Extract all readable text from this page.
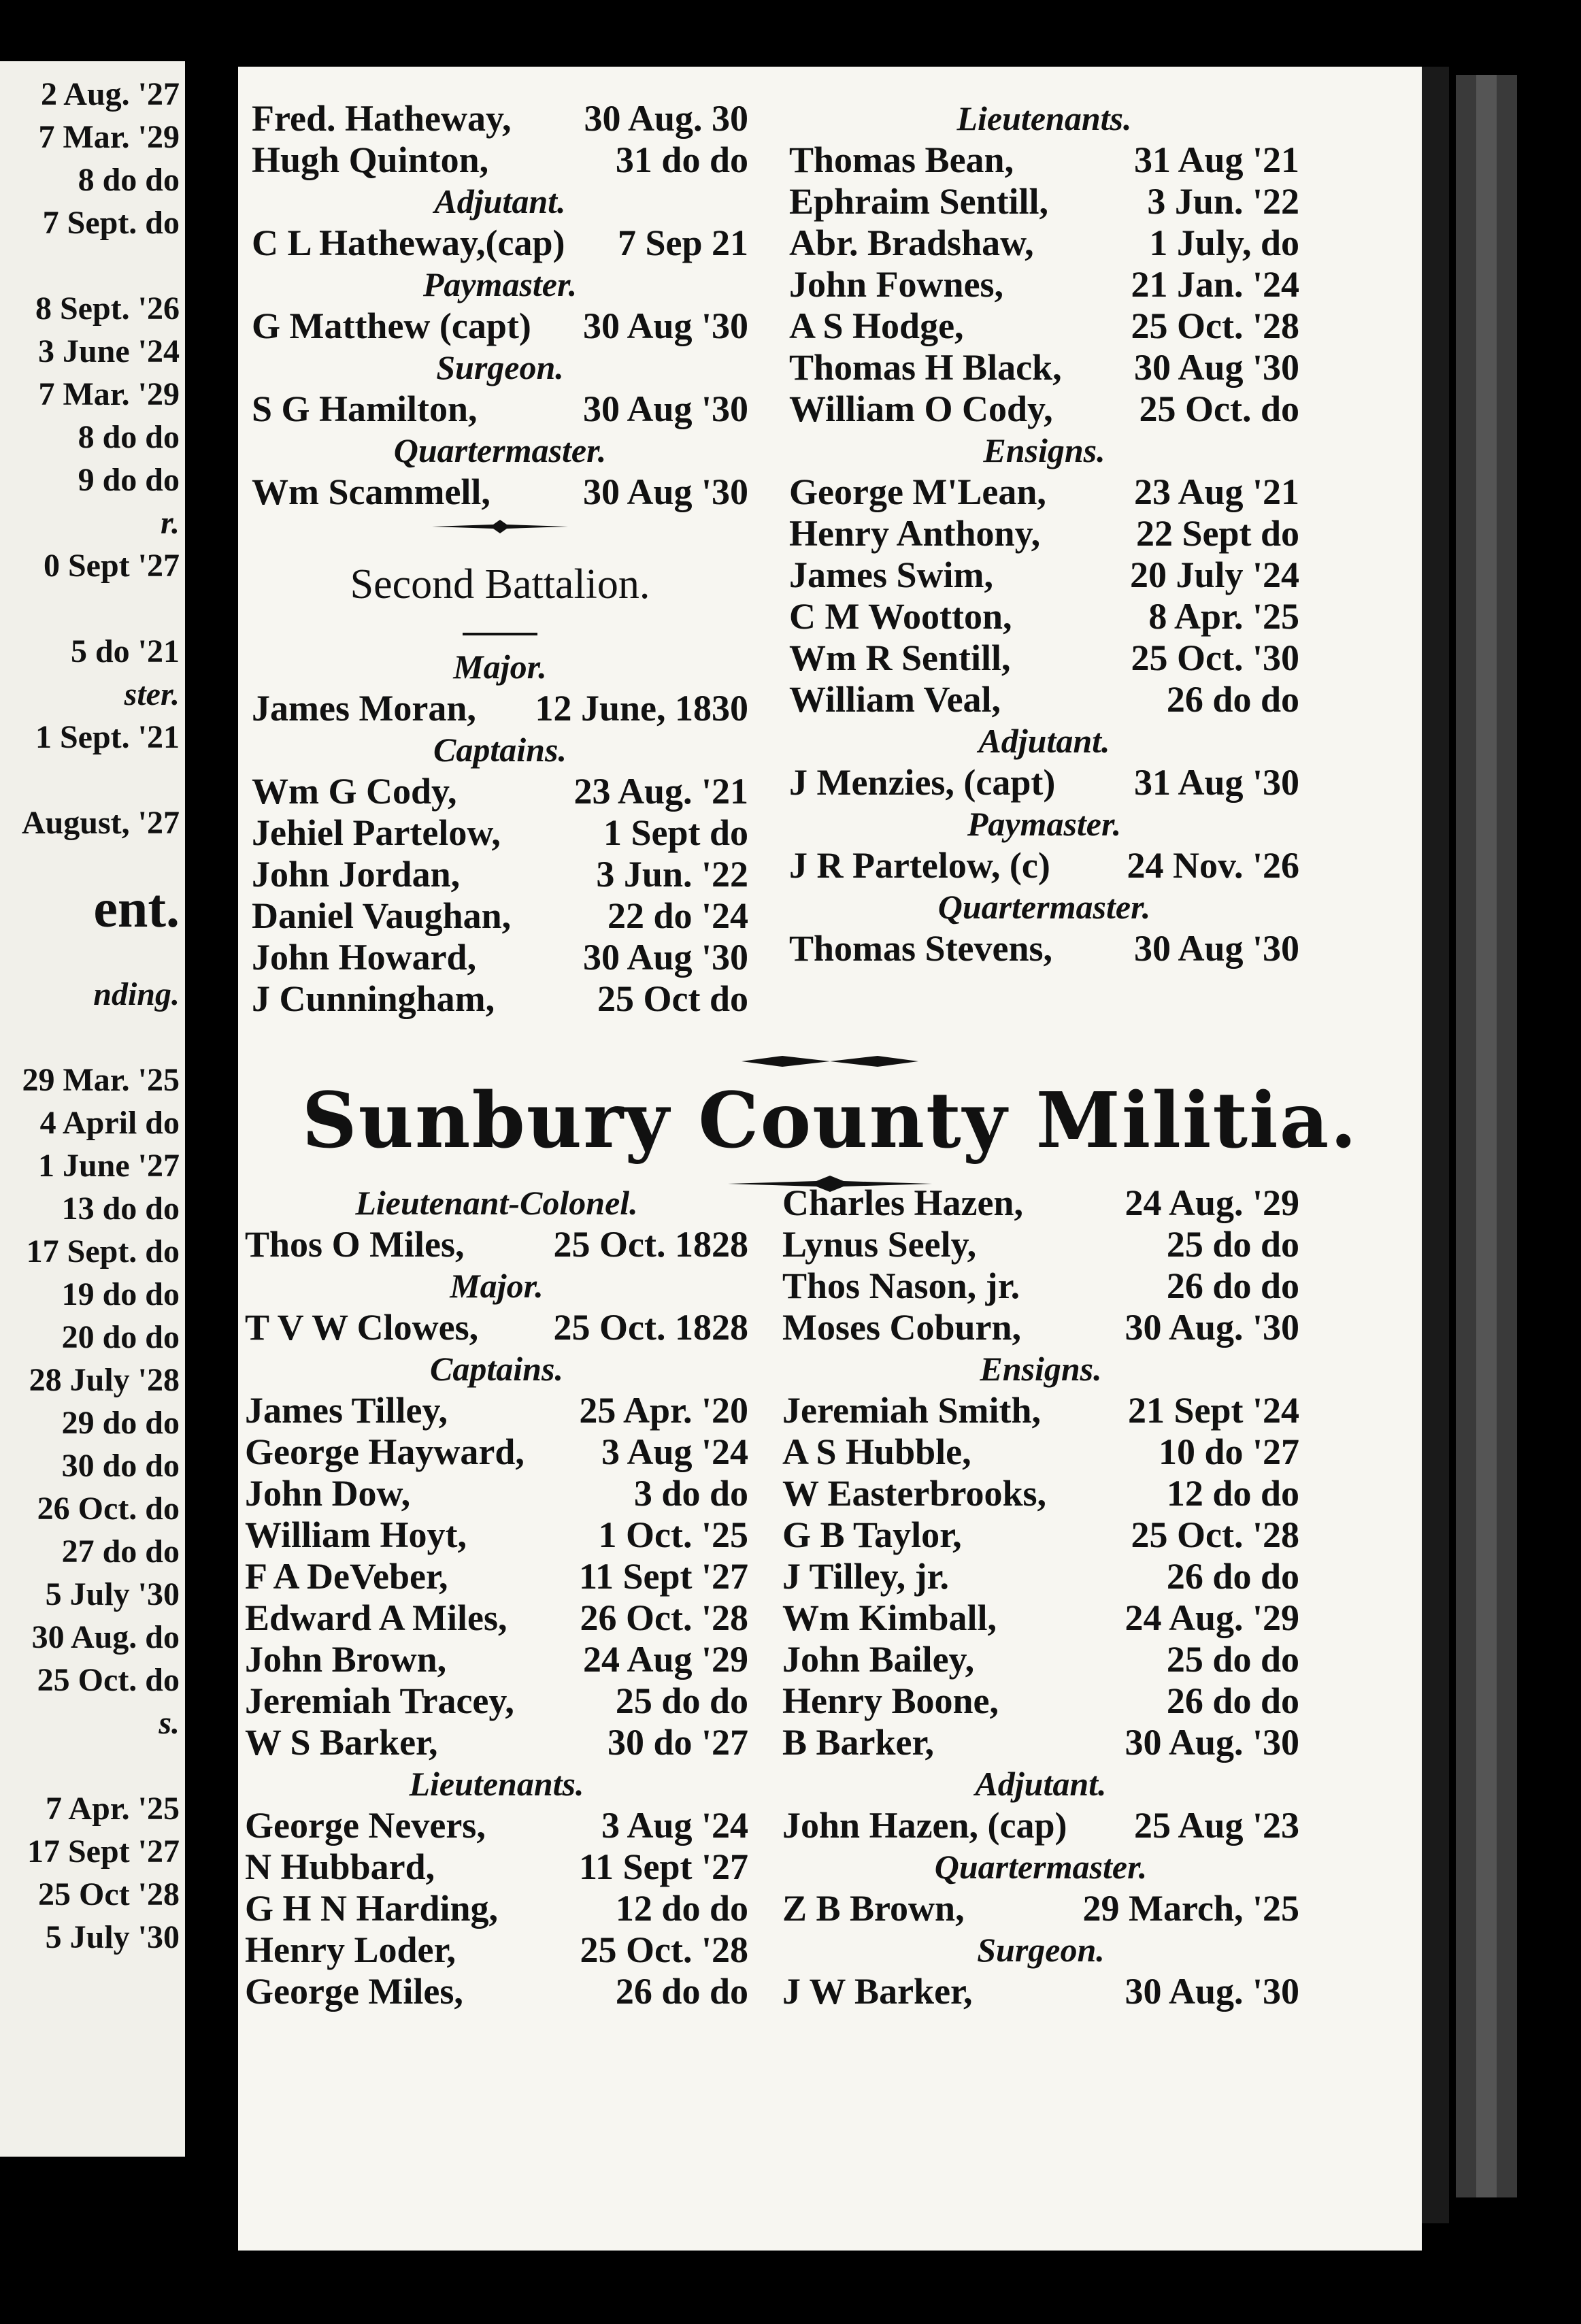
2 Aug. '27
7 Mar. '29
8 do do
7 Sept. do
8 Sept. '26
3 June '24
7 Mar. '29
8 do do
9 do do
r.
0 Sept '27
5 do '21
ster.
1 Sept. '21
August, '27
ent.
nding.
29 Mar. '25
4 April do
1 June '27
13 do do
17 Sept. do
19 do do
20 do do
28 July '28
29 do do
30 do do
26 Oct. do
27 do do
5 July '30
30 Aug. do
25 Oct. do
s.
7 Apr. '25
17 Sept '27
25 Oct '28
5 July '30
Fred. Hatheway, 30 Aug. 30
Hugh Quinton,	31 do do
Adjutant.
C L Hatheway,(cap) 7 Sep 21
Paymaster.
G Matthew (capt) 30 Aug '30
Surgeon.
S G Hamilton,	30 Aug '30
Quartermaster.
Wm Scammell,	30 Aug '30
Second Battalion.
Major.
James Moran, 12 June, 1830
Captains.
Wm G Cody,	23 Aug. '21
Jehiel Partelow,	1 Sept do
John Jordan,	3 Jun. '22
Daniel Vaughan,	22 do '24
John Howard,	30 Aug '30
J Cunningham,	25 Oct do
Lieutenants.
Thomas Bean,	31 Aug '21
Ephraim Sentill,	3 Jun. '22
Abr. Bradshaw,	1 July, do
John Fownes,	21 Jan. '24
A S Hodge,	25 Oct. '28
Thomas H Black, 30 Aug '30
William O Cody, 25 Oct. do
Ensigns.
George M'Lean, 23 Aug '21
Henry Anthony,	22 Sept do
James Swim,	20 July '24
C M Wootton,	8 Apr. '25
Wm R Sentill,	25 Oct. '30
William Veal,	26 do do
Adjutant.
J Menzies, (capt) 31 Aug '30
Paymaster.
J R Partelow, (c) 24 Nov. '26
Quartermaster.
Thomas Stevens, 30 Aug '30
Sunbury County Militia.
Lieutenant-Colonel.
Thos O Miles, 25 Oct. 1828
Major.
T V W Clowes, 25 Oct. 1828
Captains.
James Tilley,	25 Apr. '20
George Hayward, 3 Aug '24
John Dow,	3 do do
William Hoyt,	1 Oct. '25
F A DeVeber,	11 Sept '27
Edward A Miles, 26 Oct. '28
John Brown,	24 Aug '29
Jeremiah Tracey,	25 do do
W S Barker,	30 do '27
Lieutenants.
George Nevers,	3 Aug '24
N Hubbard,	11 Sept '27
G H N Harding,	12 do do
Henry Loder,	25 Oct. '28
George Miles,	26 do do
Charles Hazen,	24 Aug. '29
Lynus Seely,	25 do do
Thos Nason, jr.	26 do do
Moses Coburn,	30 Aug. '30
Ensigns.
Jeremiah Smith, 21 Sept '24
A S Hubble,	10 do '27
W Easterbrooks,	12 do do
G B Taylor,	25 Oct. '28
J Tilley, jr.	26 do do
Wm Kimball,	24 Aug. '29
John Bailey,	25 do do
Henry Boone,	26 do do
B Barker,	30 Aug. '30
Adjutant.
John Hazen, (cap) 25 Aug '23
Quartermaster.
Z B Brown,	29 March, '25
Surgeon.
J W Barker,	30 Aug. '30
